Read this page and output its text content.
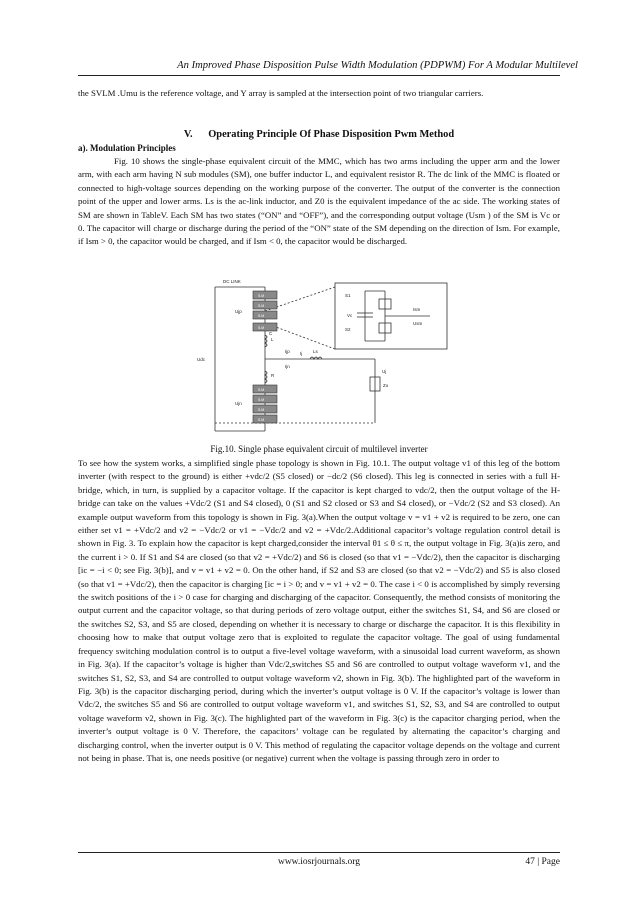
An Improved Phase Disposition Pulse Width Modulation (PDPWM) For A Modular Multilevel

the SVLM .Umu is the reference voltage, and Y array is sampled at the intersection point of two triangular carriers.

V.      Operating Principle Of Phase Disposition Pwm Method
a). Modulation Principles

Fig. 10 shows the single-phase equivalent circuit of the MMC, which has two arms including the upper arm and the lower arm, with each arm having N sub modules (SM), one buffer inductor L, and equivalent resistor R. The dc link of the MMC is floated or connected to high-voltage sources depending on the working purpose of the converter. The output of the converter is the connection point of the upper and lower arms. Ls is the ac-link inductor, and Z0 is the equivalent impedance of the ac side. The working states of SM are shown in TableV. Each SM has two states (“ON” and “OFF”), and the corresponding output voltage (Usm ) of the SM is Vc or 0. The capacitor will charge or discharge during the period of the “ON” state of the SM depending on the direction of Ism. For example, if Ism > 0, the capacitor would be charged, and if Ism < 0, the capacitor would be discharged.

S.M
S.M
S.M
S.M
S.M
S.M
S.M
S.M
DC LINK
Ujp
Ujn
Udc
L
R
Ijp
Ijn
Ij Ls
Uj
Zo
S1
S2
Vc
Ism
Usm
C
Fig.10. Single phase equivalent circuit of multilevel inverter

To see how the system works, a simplified single phase topology is shown in Fig. 10.1. The output voltage v1 of this leg of the bottom inverter (with respect to the ground) is either +vdc/2 (S5 closed) or −dc/2 (S6 closed). This leg is connected in series with a full H-bridge, which, in turn, is supplied by a capacitor voltage. If the capacitor is kept charged to vdc/2, then the output voltage of the H-bridge can take on the values +Vdc/2 (S1 and S4 closed), 0 (S1 and S2 closed or S3 and S4 closed), or −Vdc/2 (S2 and S3 closed). An example output waveform from this topology is shown in Fig. 3(a).When the output voltage v = v1 + v2 is required to be zero, one can either set v1 = +Vdc/2 and v2 = −Vdc/2 or v1 = −Vdc/2 and v2 = +Vdc/2.Additional capacitor’s voltage regulation control detail is shown in Fig. 3. To explain how the capacitor is kept charged,consider the interval θ1 ≤ θ ≤ π, the output voltage in Fig. 3(a)is zero, and the current i > 0. If S1 and S4 are closed (so that v2 = +Vdc/2) and S6 is closed (so that v1 = −Vdc/2), then the capacitor is discharging [ic = −i < 0; see Fig. 3(b)], and v = v1 + v2 = 0. On the other hand, if S2 and S3 are closed (so that v2 = −Vdc/2) and S5 is also closed (so that v1 = +Vdc/2), then the capacitor is charging [ic = i > 0; and v = v1 + v2 = 0. The case i < 0 is accomplished by simply reversing the switch positions of the i > 0 case for charging and discharging of the capacitor. Consequently, the method consists of monitoring the output current and the capacitor voltage, so that during periods of zero voltage output, either the switches S1, S4, and S6 are closed or the switches S2, S3, and S5 are closed, depending on whether it is necessary to charge or discharge the capacitor. It is this flexibility in choosing how to make that output voltage zero that is exploited to regulate the capacitor voltage. The goal of using fundamental frequency switching modulation control is to output a five-level voltage waveform, with a sinusoidal load current waveform, as shown in Fig. 3(a). If the capacitor’s voltage is higher than Vdc/2,switches S5 and S6 are controlled to output voltage waveform v1, and the switches S1, S2, S3, and S4 are controlled to output voltage waveform v2, shown in Fig. 3(b). The highlighted part of the waveform in Fig. 3(b) is the capacitor discharging period, during which the inverter’s output voltage is 0 V. If the capacitor’s voltage is lower than Vdc/2, the switches S5 and S6 are controlled to output voltage waveform v1, and switches S1, S2, S3, and S4 are controlled to output voltage waveform v2, shown in Fig. 3(c). The highlighted part of the waveform in Fig. 3(c) is the capacitor charging period, when the inverter’s output voltage is 0 V. Therefore, the capacitors’ voltage can be regulated by alternating the capacitor’s charging and discharging control, when the inverter output is 0 V. This method of regulating the capacitor voltage depends on the voltage and current not being in phase. That is, one needs positive (or negative) current when the voltage is passing through zero in order to

www.iosrjournals.org	47 | Page
